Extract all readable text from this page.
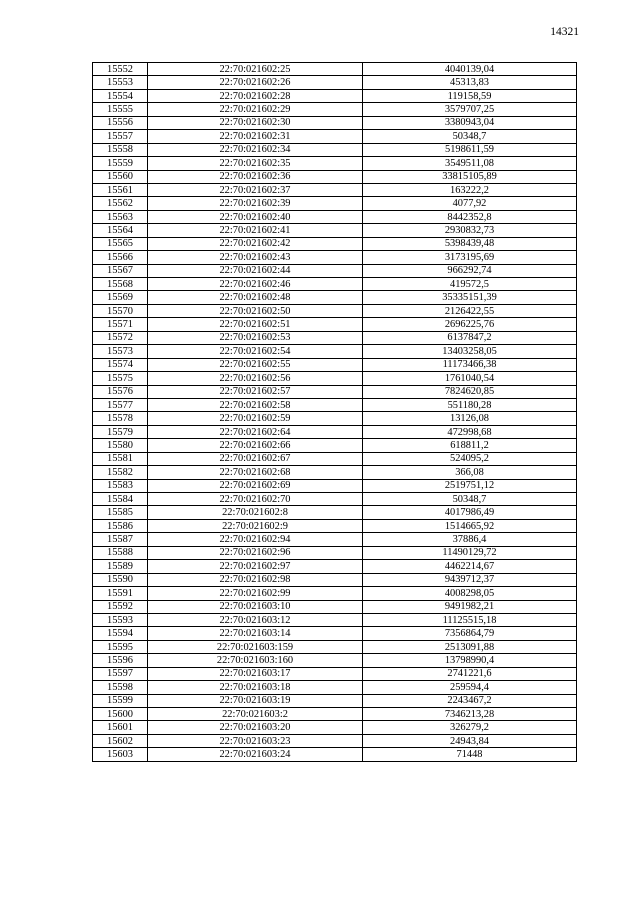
14321
15552	22:70:021602:25	4040139,04
15553	22:70:021602:26	45313,83
15554	22:70:021602:28	119158,59
15555	22:70:021602:29	3579707,25
15556	22:70:021602:30	3380943,04
15557	22:70:021602:31	50348,7
15558	22:70:021602:34	5198611,59
15559	22:70:021602:35	3549511,08
15560	22:70:021602:36	33815105,89
15561	22:70:021602:37	163222,2
15562	22:70:021602:39	4077,92
15563	22:70:021602:40	8442352,8
15564	22:70:021602:41	2930832,73
15565	22:70:021602:42	5398439,48
15566	22:70:021602:43	3173195,69
15567	22:70:021602:44	966292,74
15568	22:70:021602:46	419572,5
15569	22:70:021602:48	35335151,39
15570	22:70:021602:50	2126422,55
15571	22:70:021602:51	2696225,76
15572	22:70:021602:53	6137847,2
15573	22:70:021602:54	13403258,05
15574	22:70:021602:55	11173466,38
15575	22:70:021602:56	1761040,54
15576	22:70:021602:57	7824620,85
15577	22:70:021602:58	551180,28
15578	22:70:021602:59	13126,08
15579	22:70:021602:64	472998,68
15580	22:70:021602:66	618811,2
15581	22:70:021602:67	524095,2
15582	22:70:021602:68	366,08
15583	22:70:021602:69	2519751,12
15584	22:70:021602:70	50348,7
15585	22:70:021602:8	4017986,49
15586	22:70:021602:9	1514665,92
15587	22:70:021602:94	37886,4
15588	22:70:021602:96	11490129,72
15589	22:70:021602:97	4462214,67
15590	22:70:021602:98	9439712,37
15591	22:70:021602:99	4008298,05
15592	22:70:021603:10	9491982,21
15593	22:70:021603:12	11125515,18
15594	22:70:021603:14	7356864,79
15595	22:70:021603:159	2513091,88
15596	22:70:021603:160	13798990,4
15597	22:70:021603:17	2741221,6
15598	22:70:021603:18	259594,4
15599	22:70:021603:19	2243467,2
15600	22:70:021603:2	7346213,28
15601	22:70:021603:20	326279,2
15602	22:70:021603:23	24943,84
15603	22:70:021603:24	71448
